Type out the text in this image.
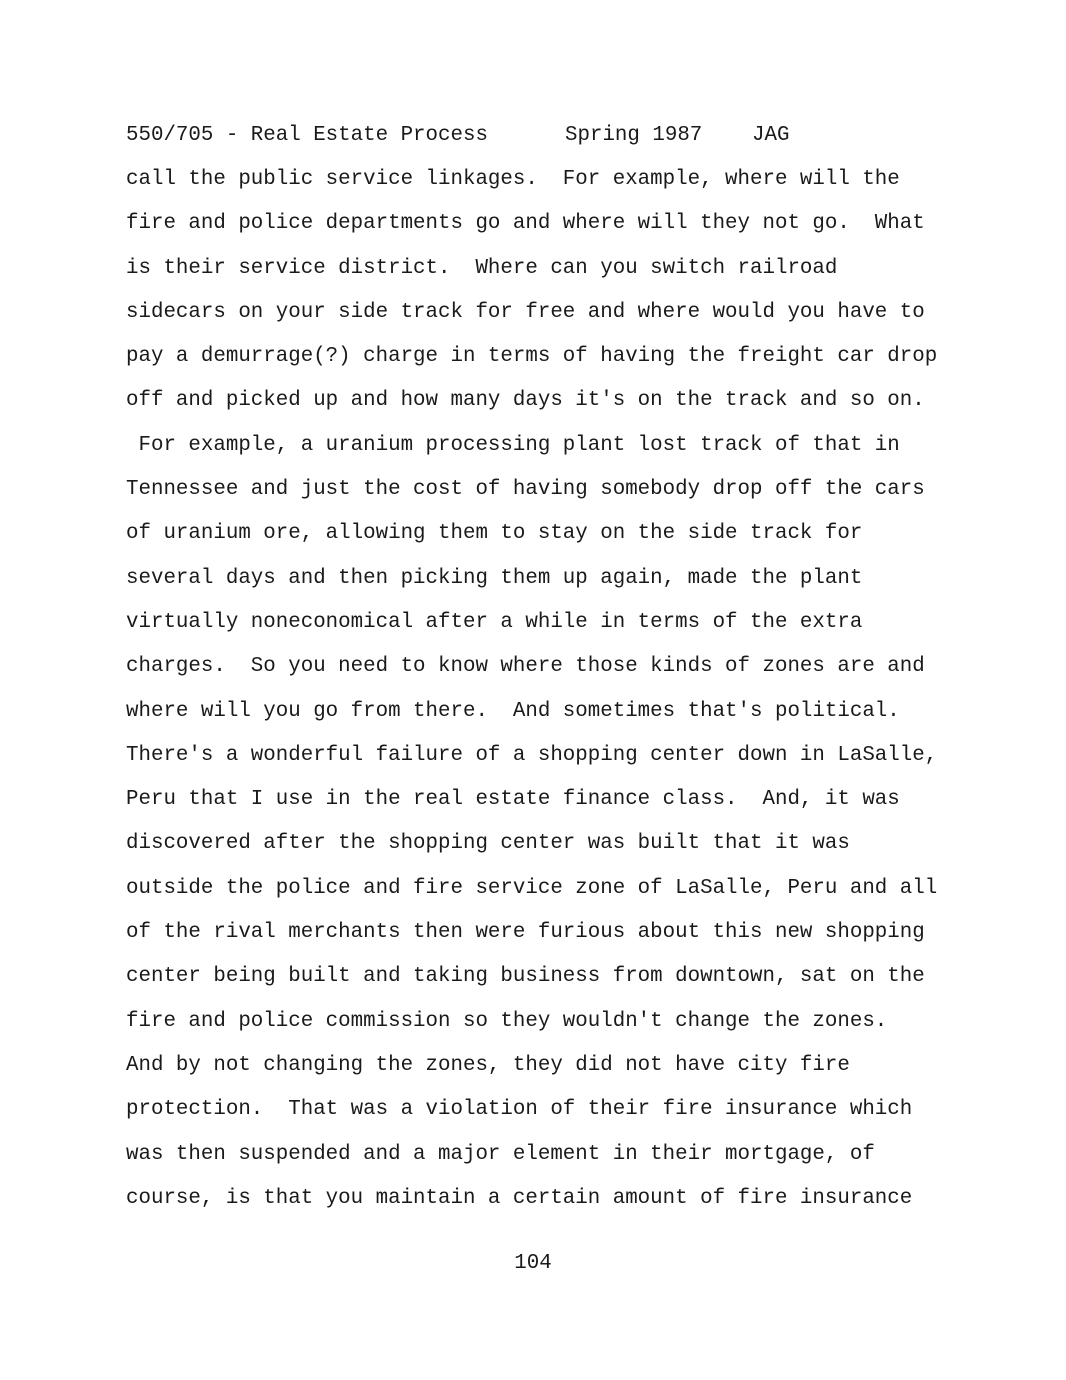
550/705 - Real Estate Process

	Spring 1987

JAG

call the public service linkages.  For example, where will the
fire and police departments go and where will they not go.  What
is their service district.  Where can you switch railroad
sidecars on your side track for free and where would you have to
pay a demurrage(?) charge in terms of having the freight car drop
off and picked up and how many days it's on the track and so on.
For example, a uranium processing plant lost track of that in
Tennessee and just the cost of having somebody drop off the cars
of uranium ore, allowing them to stay on the side track for
several days and then picking them up again, made the plant
virtually noneconomical after a while in terms of the extra
charges.  So you need to know where those kinds of zones are and
where will you go from there.  And sometimes that's political.
There's a wonderful failure of a shopping center down in LaSalle,
Peru that I use in the real estate finance class.  And, it was
discovered after the shopping center was built that it was
outside the police and fire service zone of LaSalle, Peru and all
of the rival merchants then were furious about this new shopping
center being built and taking business from downtown, sat on the
fire and police commission so they wouldn't change the zones.
And by not changing the zones, they did not have city fire
protection.  That was a violation of their fire insurance which
was then suspended and a major element in their mortgage, of
course, is that you maintain a certain amount of fire insurance
104
